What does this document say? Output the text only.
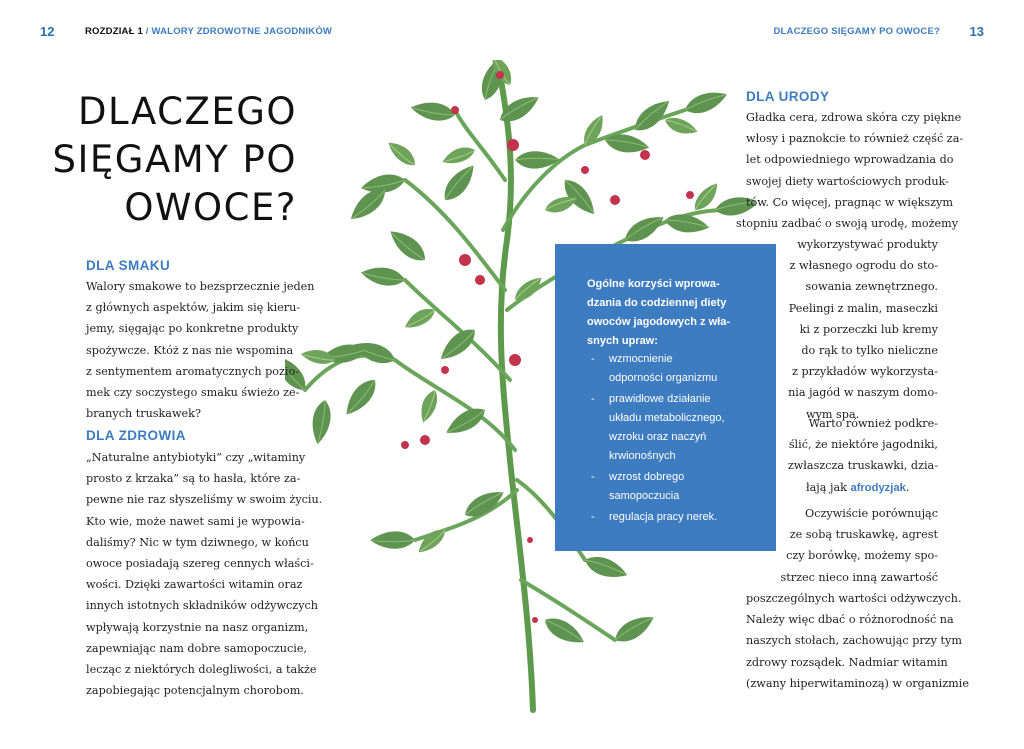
12	ROZDZIAŁ 1 / WALORY ZDROWOTNE JAGODNIKÓW	DLACZEGO SIĘGAMY PO OWOCE? 13
DLACZEGO
SIĘGAMY PO
OWOCE?
DLA SMAKU
Walory smakowe to bezsprzecznie jeden
z głównych aspektów, jakim się kieru-
jemy, sięgając po konkretne produkty
spożywcze. Któż z nas nie wspomina
z sentymentem aromatycznych pozio-
mek czy soczystego smaku świeżo ze-
branych truskawek?
DLA ZDROWIA
„Naturalne antybiotyki” czy „witaminy
prosto z krzaka” są to hasła, które za-
pewne nie raz słyszeliśmy w swoim życiu.
Kto wie, może nawet sami je wypowia-
daliśmy? Nic w tym dziwnego, w końcu
owoce posiadają szereg cennych właści-
wości. Dzięki zawartości witamin oraz
innych istotnych składników odżywczych
wpływają korzystnie na nasz organizm,
zapewniając nam dobre samopoczucie,
lecząc z niektórych dolegliwości, a także
zapobiegając potencjalnym chorobom.
Ogólne korzyści wprowa-
dzania do codziennej diety
owoców jagodowych z wła-
snych upraw:
- wzmocnienie
odporności organizmu
- prawidłowe działanie
układu metabolicznego,
wzroku oraz naczyń
krwionośnych
- wzrost dobrego
samopoczucia
- regulacja pracy nerek.
DLA URODY
Gładka cera, zdrowa skóra czy piękne
włosy i paznokcie to również część za-
let odpowiedniego wprowadzania do
swojej diety wartościowych produk-
tów. Co więcej, pragnąc w większym
stopniu zadbać o swoją urodę, możemy
wykorzystywać produkty
z własnego ogrodu do sto-
sowania zewnętrznego.
Peelingi z malin, maseczki
ki z porzeczki lub kremy
do rąk to tylko nieliczne
z przykładów wykorzysta-
nia jagód w naszym domo-
wym spa.
Warto również podkre-
ślić, że niektóre jagodniki,
zwłaszcza truskawki, dzia-
łają jak afrodyzjak.
Oczywiście porównując
ze sobą truskawkę, agrest
czy borówkę, możemy spo-
strzec nieco inną zawartość
poszczególnych wartości odżywczych.
Należy więc dbać o różnorodność na
naszych stołach, zachowując przy tym
zdrowy rozsądek. Nadmiar witamin
(zwany hiperwitaminozą) w organizmie
